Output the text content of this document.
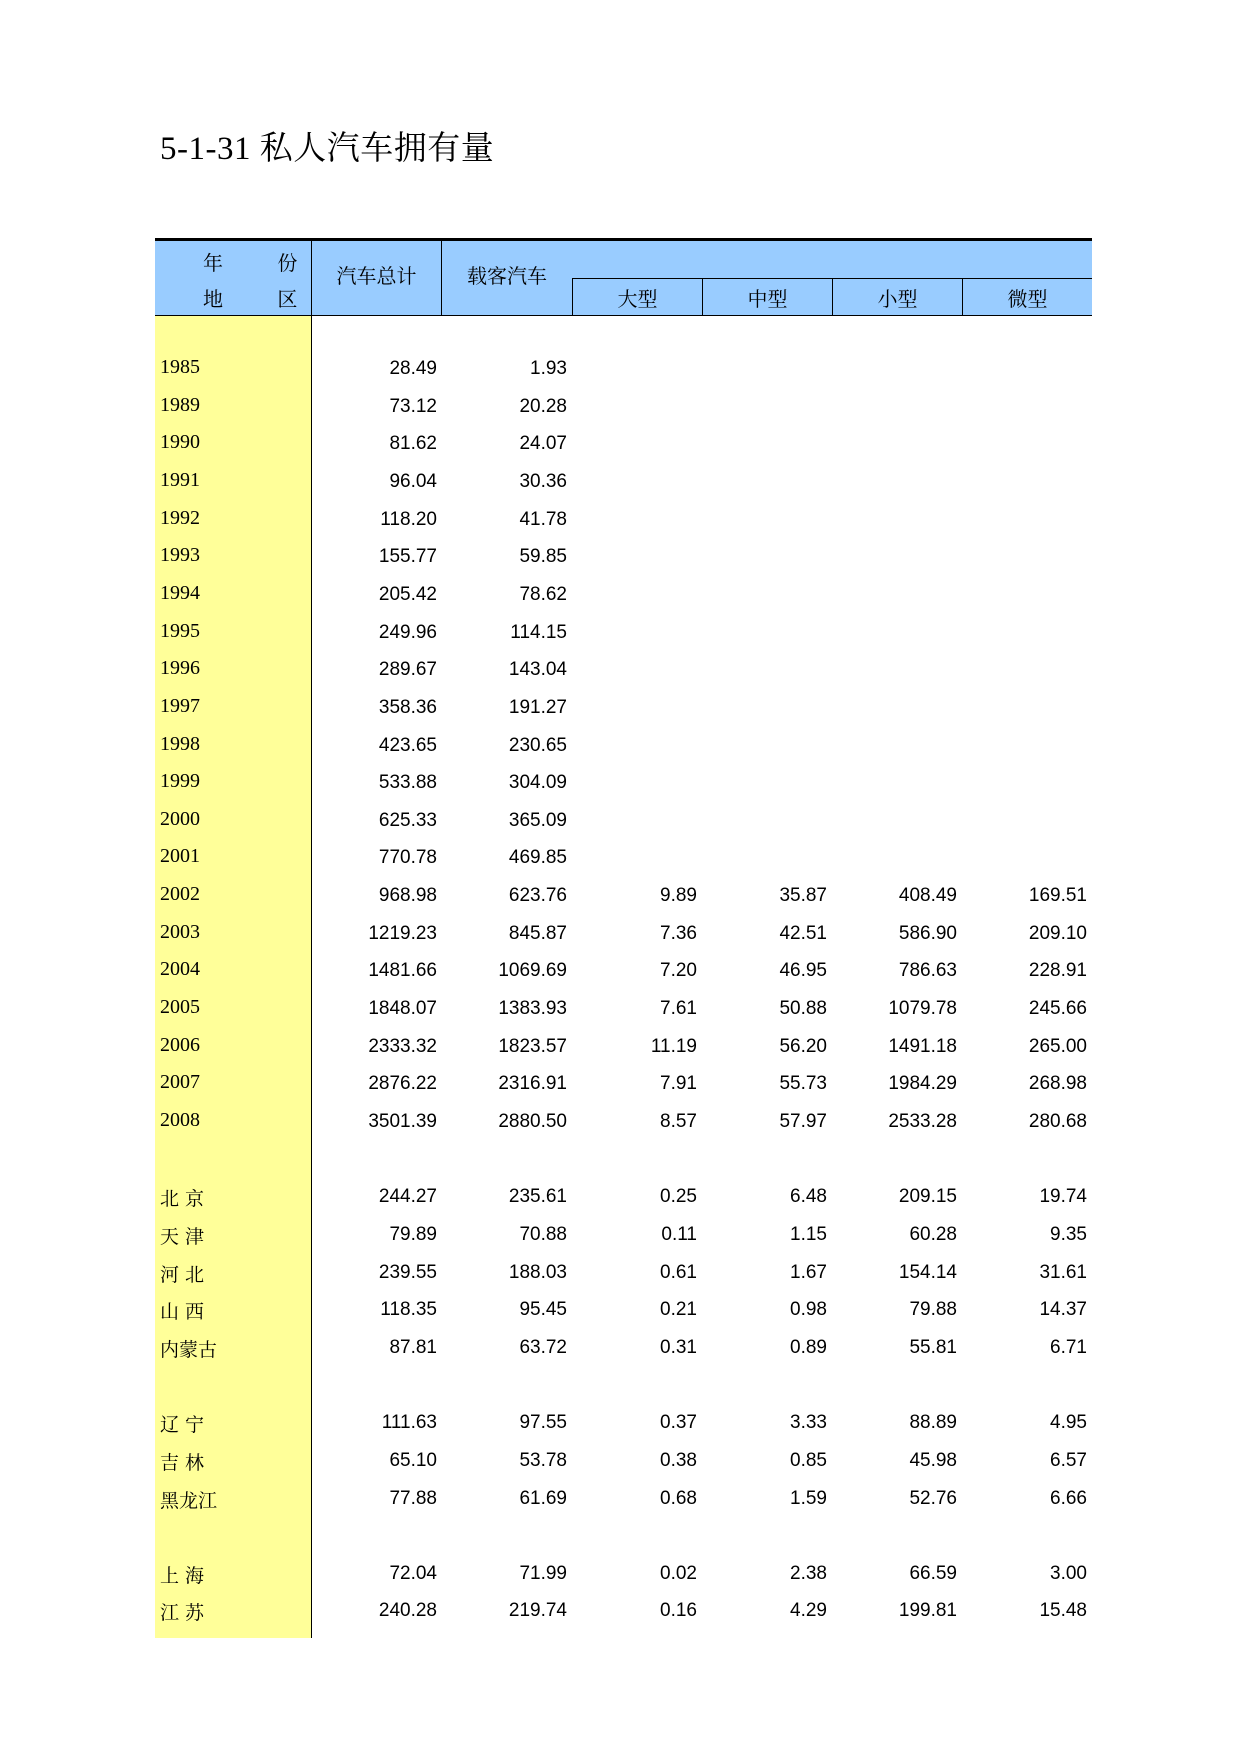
5-1-31 私人汽车拥有量
年 份
地 区
汽车总计	载客汽车
大型	中型	小型	微型
1985	28.49	1.93
1989	73.12	20.28
1990	81.62	24.07
1991	96.04	30.36
1992	118.20	41.78
1993	155.77	59.85
1994	205.42	78.62
1995	249.96	114.15
1996	289.67	143.04
1997	358.36	191.27
1998	423.65	230.65
1999	533.88	304.09
2000	625.33	365.09
2001	770.78	469.85
2002	968.98	623.76	9.89	35.87	408.49	169.51
2003	1219.23	845.87	7.36	42.51	586.90	209.10
2004	1481.66	1069.69	7.20	46.95	786.63	228.91
2005	1848.07	1383.93	7.61	50.88	1079.78	245.66
2006	2333.32	1823.57	11.19	56.20	1491.18	265.00
2007	2876.22	2316.91	7.91	55.73	1984.29	268.98
2008	3501.39	2880.50	8.57	57.97	2533.28	280.68
北 京	244.27	235.61	0.25	6.48	209.15	19.74
天 津	79.89	70.88	0.11	1.15	60.28	9.35
河 北	239.55	188.03	0.61	1.67	154.14	31.61
山 西	118.35	95.45	0.21	0.98	79.88	14.37
内蒙古	87.81	63.72	0.31	0.89	55.81	6.71
辽 宁	111.63	97.55	0.37	3.33	88.89	4.95
吉 林	65.10	53.78	0.38	0.85	45.98	6.57
黑龙江	77.88	61.69	0.68	1.59	52.76	6.66
上 海	72.04	71.99	0.02	2.38	66.59	3.00
江 苏	240.28	219.74	0.16	4.29	199.81	15.48
